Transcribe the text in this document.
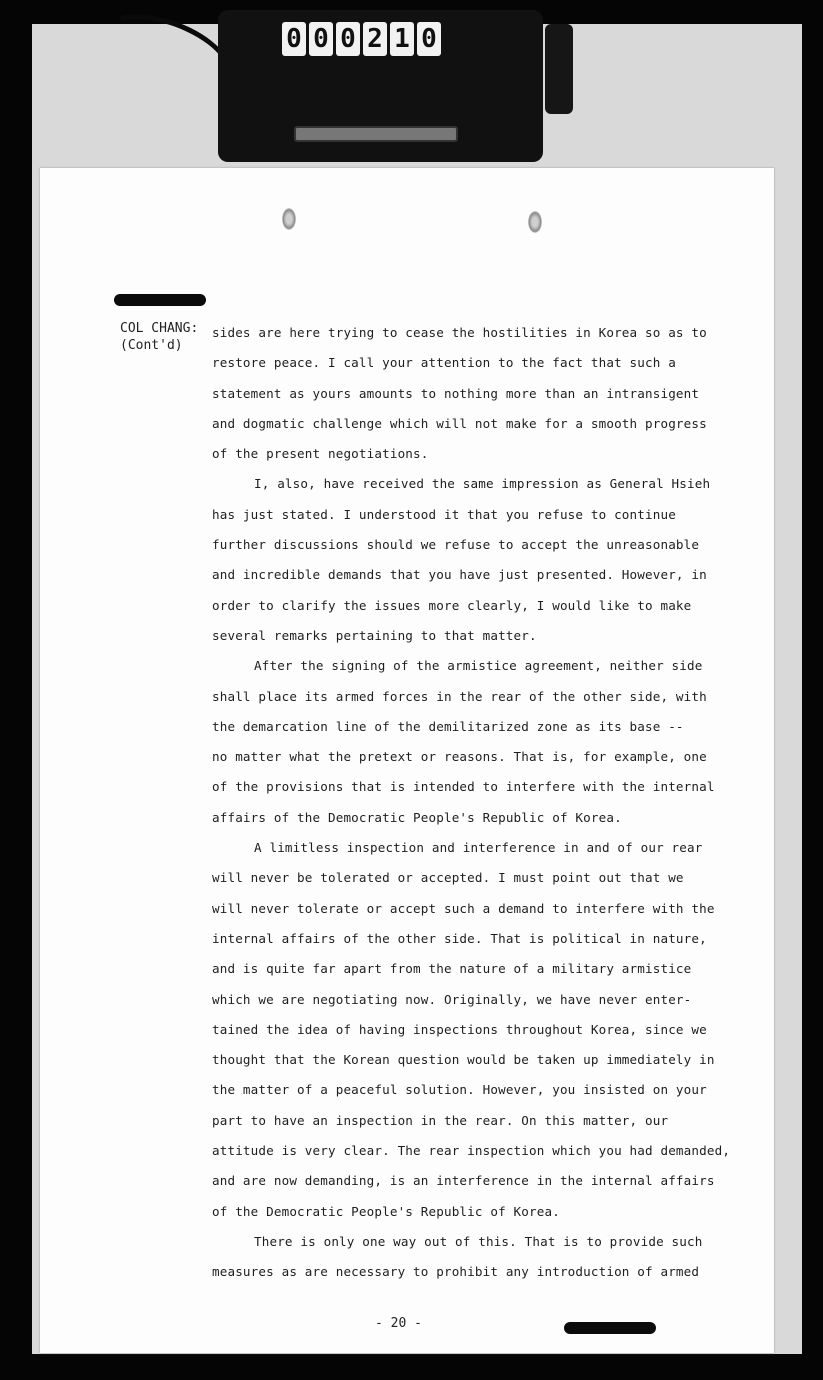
0 0 0 2 1 0
COL CHANG:
(Cont'd)
sides are here trying to cease the hostilities in Korea so as to
restore peace. I call your attention to the fact that such a
statement as yours amounts to nothing more than an intransigent
and dogmatic challenge which will not make for a smooth progress
of the present negotiations.
I, also, have received the same impression as General Hsieh
has just stated. I understood it that you refuse to continue
further discussions should we refuse to accept the unreasonable
and incredible demands that you have just presented. However, in
order to clarify the issues more clearly, I would like to make
several remarks pertaining to that matter.
After the signing of the armistice agreement, neither side
shall place its armed forces in the rear of the other side, with
the demarcation line of the demilitarized zone as its base --
no matter what the pretext or reasons. That is, for example, one
of the provisions that is intended to interfere with the internal
affairs of the Democratic People's Republic of Korea.
A limitless inspection and interference in and of our rear
will never be tolerated or accepted. I must point out that we
will never tolerate or accept such a demand to interfere with the
internal affairs of the other side. That is political in nature,
and is quite far apart from the nature of a military armistice
which we are negotiating now. Originally, we have never enter-
tained the idea of having inspections throughout Korea, since we
thought that the Korean question would be taken up immediately in
the matter of a peaceful solution. However, you insisted on your
part to have an inspection in the rear. On this matter, our
attitude is very clear. The rear inspection which you had demanded,
and are now demanding, is an interference in the internal affairs
of the Democratic People's Republic of Korea.
There is only one way out of this. That is to provide such
measures as are necessary to prohibit any introduction of armed
- 20 -
